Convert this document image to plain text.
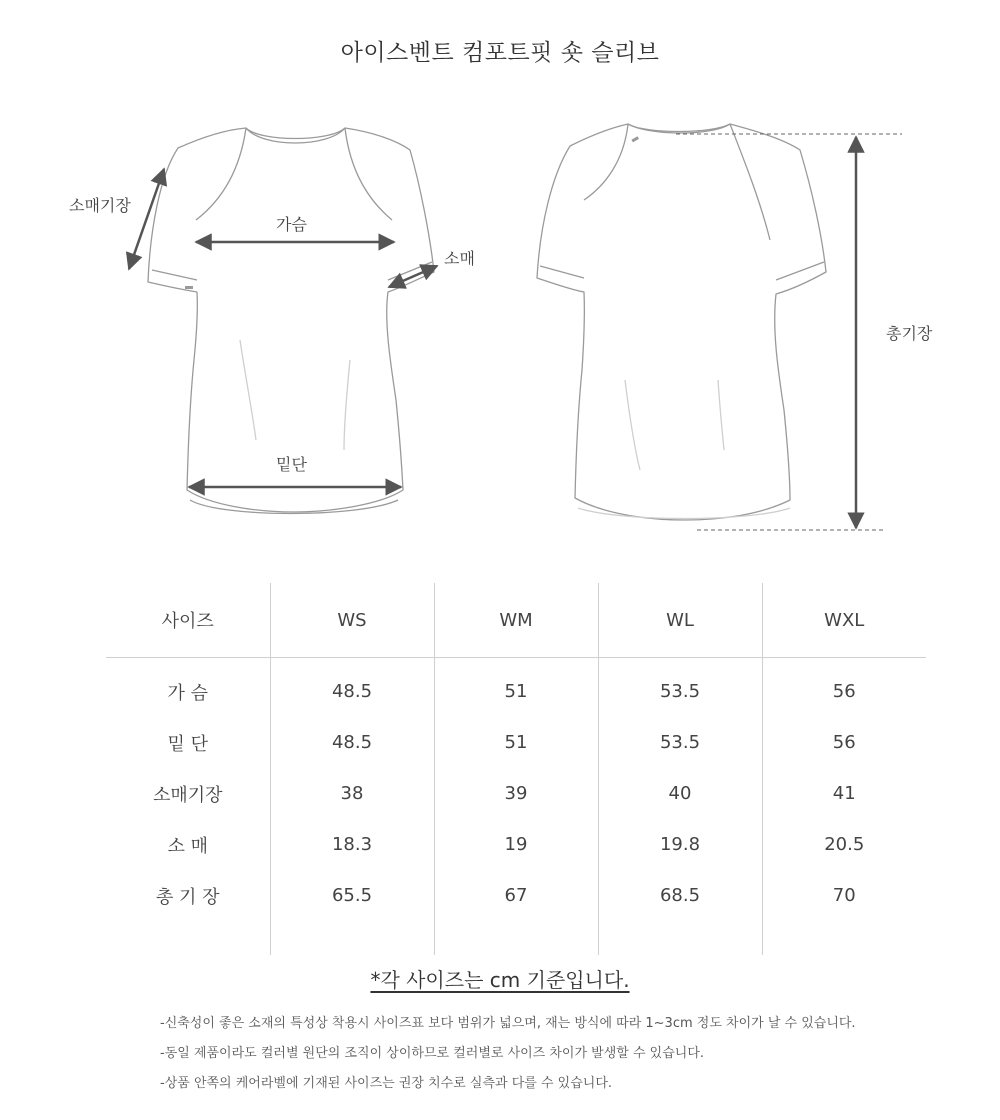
아이스벤트 컴포트핏 숏 슬리브
소매기장
가슴
소매
밑단
총기장
사이즈	WS	WM	WL	WXL
가 슴	48.5	51	53.5	56
밑 단	48.5	51	53.5	56
소매기장	38	39	40	41
소 매	18.3	19	19.8	20.5
총 기 장	65.5	67	68.5	70

*각 사이즈는 cm 기준입니다.
-신축성이 좋은 소재의 특성상 착용시 사이즈표 보다 범위가 넓으며, 재는 방식에 따라 1~3cm 정도 차이가 날 수 있습니다.
-동일 제품이라도 컬러별 원단의 조직이 상이하므로 컬러별로 사이즈 차이가 발생할 수 있습니다.
-상품 안쪽의 케어라벨에 기재된 사이즈는 권장 치수로 실측과 다를 수 있습니다.
